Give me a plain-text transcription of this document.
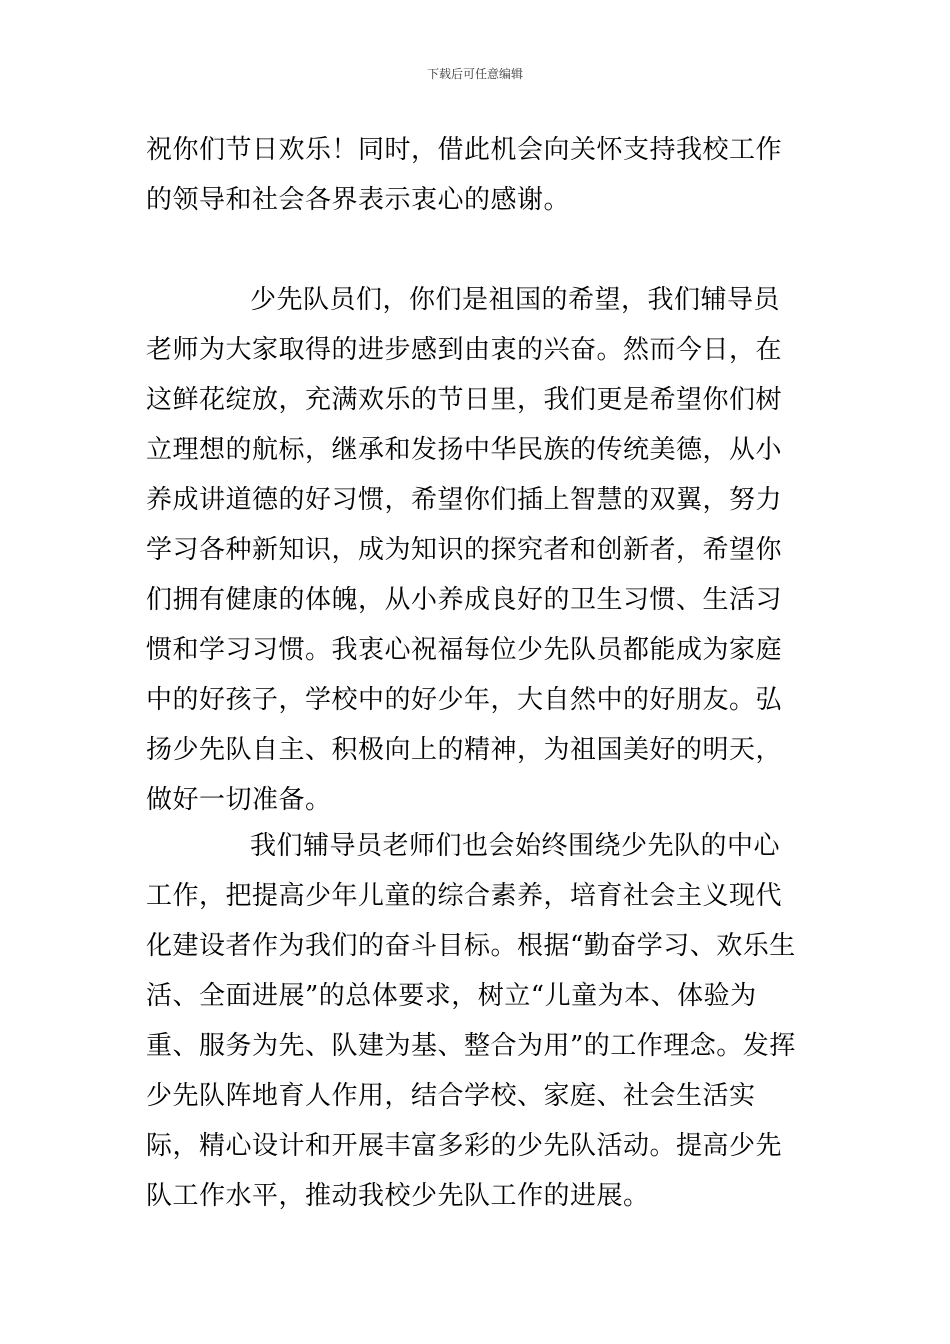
下载后可任意编辑

祝你们节日欢乐！同时，借此机会向关怀支持我校工作的领导和社会各界表示衷心的感谢。

少先队员们，你们是祖国的希望，我们辅导员老师为大家取得的进步感到由衷的兴奋。然而今日，在这鲜花绽放，充满欢乐的节日里，我们更是希望你们树立理想的航标，继承和发扬中华民族的传统美德，从小养成讲道德的好习惯，希望你们插上智慧的双翼，努力学习各种新知识，成为知识的探究者和创新者，希望你们拥有健康的体魄，从小养成良好的卫生习惯、生活习惯和学习习惯。我衷心祝福每位少先队员都能成为家庭中的好孩子，学校中的好少年，大自然中的好朋友。弘扬少先队自主、积极向上的精神，为祖国美好的明天，做好一切准备。

我们辅导员老师们也会始终围绕少先队的中心工作，把提高少年儿童的综合素养，培育社会主义现代化建设者作为我们的奋斗目标。根据“勤奋学习、欢乐生活、全面进展”的总体要求，树立“儿童为本、体验为重、服务为先、队建为基、整合为用”的工作理念。发挥少先队阵地育人作用，结合学校、家庭、社会生活实际，精心设计和开展丰富多彩的少先队活动。提高少先队工作水平，推动我校少先队工作的进展。
